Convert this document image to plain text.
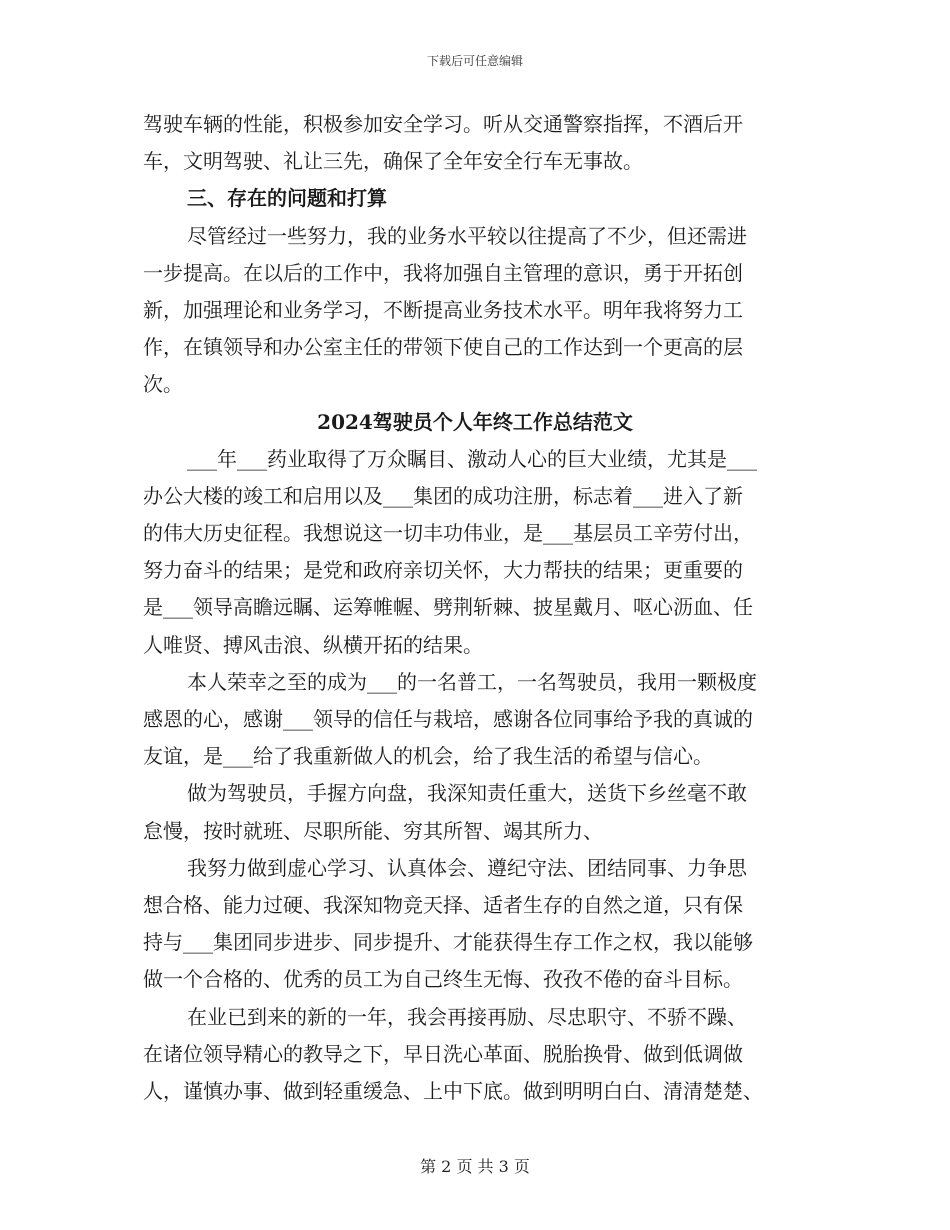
下载后可任意编辑
驾驶车辆的性能，积极参加安全学习。听从交通警察指挥，不酒后开
车，文明驾驶、礼让三先，确保了全年安全行车无事故。
三、存在的问题和打算
尽管经过一些努力，我的业务水平较以往提高了不少，但还需进
一步提高。在以后的工作中，我将加强自主管理的意识，勇于开拓创
新，加强理论和业务学习，不断提高业务技术水平。明年我将努力工
作，在镇领导和办公室主任的带领下使自己的工作达到一个更高的层
次。
2024驾驶员个人年终工作总结范文
___年___药业取得了万众瞩目、激动人心的巨大业绩，尤其是___
办公大楼的竣工和启用以及___集团的成功注册，标志着___进入了新
的伟大历史征程。我想说这一切丰功伟业，是___基层员工辛劳付出，
努力奋斗的结果；是党和政府亲切关怀，大力帮扶的结果；更重要的
是___领导高瞻远瞩、运筹帷幄、劈荆斩棘、披星戴月、呕心沥血、任
人唯贤、搏风击浪、纵横开拓的结果。
本人荣幸之至的成为___的一名普工，一名驾驶员，我用一颗极度
感恩的心，感谢___领导的信任与栽培，感谢各位同事给予我的真诚的
友谊，是___给了我重新做人的机会，给了我生活的希望与信心。
做为驾驶员，手握方向盘，我深知责任重大，送货下乡丝毫不敢
怠慢，按时就班、尽职所能、穷其所智、竭其所力、
我努力做到虚心学习、认真体会、遵纪守法、团结同事、力争思
想合格、能力过硬、我深知物竞天择、适者生存的自然之道，只有保
持与___集团同步进步、同步提升、才能获得生存工作之权，我以能够
做一个合格的、优秀的员工为自己终生无悔、孜孜不倦的奋斗目标。
在业已到来的新的一年，我会再接再励、尽忠职守、不骄不躁、
在诸位领导精心的教导之下，早日洗心革面、脱胎换骨、做到低调做
人，谨慎办事、做到轻重缓急、上中下底。做到明明白白、清清楚楚、
第 2 页 共 3 页
